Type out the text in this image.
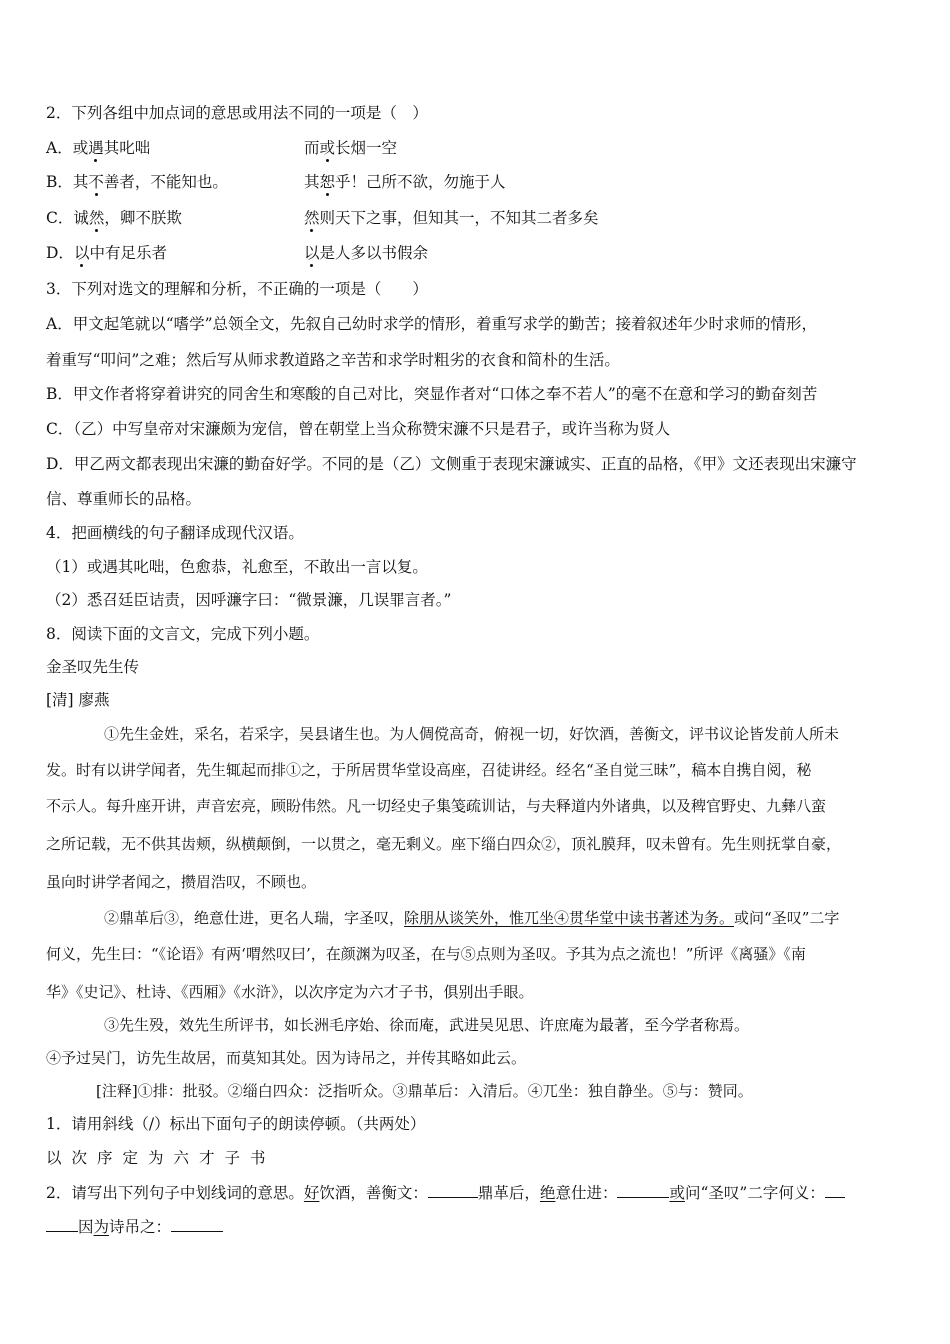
2．下列各组中加点词的意思或用法不同的一项是（　）
A．或遇其叱咄	而或长烟一空
B．其不善者，不能知也。	其恕乎！己所不欲，勿施于人
C．诚然，卿不朕欺	然则天下之事，但知其一，不知其二者多矣
D．以中有足乐者	以是人多以书假余
3．下列对选文的理解和分析，不正确的一项是（　　）
A．甲文起笔就以“嗜学”总领全文，先叙自己幼时求学的情形，着重写求学的勤苦；接着叙述年少时求师的情形，
着重写“叩问”之难；然后写从师求教道路之辛苦和求学时粗劣的衣食和简朴的生活。
B．甲文作者将穿着讲究的同舍生和寒酸的自己对比，突显作者对“口体之奉不若人”的毫不在意和学习的勤奋刻苦
C．（乙）中写皇帝对宋濂颇为宠信，曾在朝堂上当众称赞宋濂不只是君子，或许当称为贤人
D．甲乙两文都表现出宋濂的勤奋好学。不同的是（乙）文侧重于表现宋濂诚实、正直的品格，《甲》文还表现出宋濂守
信、尊重师长的品格。
4．把画横线的句子翻译成现代汉语。
（1）或遇其叱咄，色愈恭，礼愈至，不敢出一言以复。
（2）悉召廷臣诘责，因呼濂字曰：“微景濂，几误罪言者。”
8．阅读下面的文言文，完成下列小题。
金圣叹先生传
[清] 廖燕
①先生金姓，采名，若采字，吴县诸生也。为人倜傥高奇，俯视一切，好饮酒，善衡文，评书议论皆发前人所未
发。时有以讲学闻者，先生辄起而排①之，于所居贯华堂设高座，召徒讲经。经名“圣自觉三昧”，稿本自携自阅，秘
不示人。每升座开讲，声音宏亮，顾盼伟然。凡一切经史子集笺疏训诂，与夫释道内外诸典，以及稗官野史、九彝八蛮
之所记载，无不供其齿颊，纵横颠倒，一以贯之，毫无剩义。座下缁白四众②，顶礼膜拜，叹未曾有。先生则抚掌自豪，
虽向时讲学者闻之，攒眉浩叹，不顾也。
②鼎革后③，绝意仕进，更名人瑞，字圣叹，除朋从谈笑外，惟兀坐④贯华堂中读书著述为务。或问“圣叹”二字
何义，先生曰：“《论语》有两‘喟然叹曰’，在颜渊为叹圣，在与⑤点则为圣叹。予其为点之流也！”所评《离骚》《南
华》《史记》、杜诗、《西厢》《水浒》，以次序定为六才子书，俱别出手眼。
③先生殁，效先生所评书，如长洲毛序始、徐而庵，武进吴见思、许庶庵为最著，至今学者称焉。
④予过吴门，访先生故居，而莫知其处。因为诗吊之，并传其略如此云。
[注释]①排：批驳。②缁白四众：泛指听众。③鼎革后：入清后。④兀坐：独自静坐。⑤与：赞同。
1．请用斜线（/）标出下面句子的朗读停顿。（共两处）
以次序定为六才子书
2．请写出下列句子中划线词的意思。好饮酒，善衡文：	鼎革后，绝意仕进：	或问“圣叹”二字何义：
因为诗吊之：
